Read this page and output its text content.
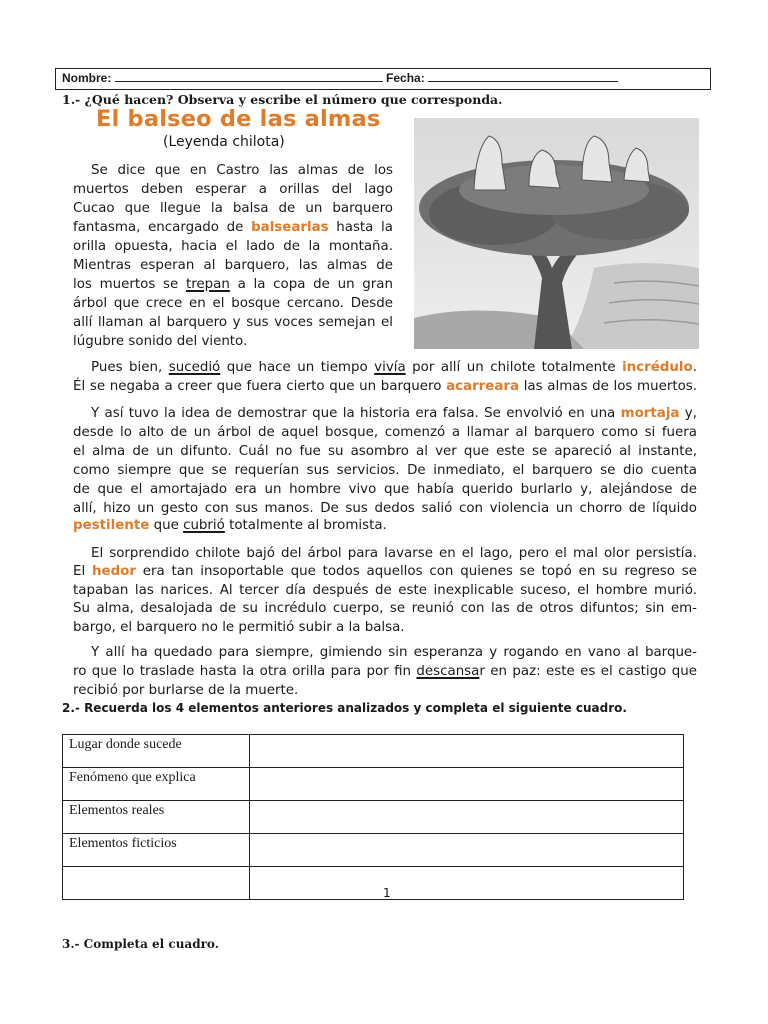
Nombre:	Fecha:
1.- ¿Qué hacen? Observa y escribe el número que corresponda.
El balseo de las almas
(Leyenda chilota)
Se dice que en Castro las almas de los
muertos deben esperar a orillas del lago
Cucao que llegue la balsa de un barquero
fantasma, encargado de balsearlas hasta la
orilla opuesta, hacia el lado de la montaña.
Mientras esperan al barquero, las almas de
los muertos se trepan a la copa de un gran
árbol que crece en el bosque cercano. Desde
allí llaman al barquero y sus voces semejan el
lúgubre sonido del viento.
Pues bien, sucedió que hace un tiempo vivía por allí un chilote totalmente incrédulo.
Él se negaba a creer que fuera cierto que un barquero acarreara las almas de los muertos.
Y así tuvo la idea de demostrar que la historia era falsa. Se envolvió en una mortaja y,
desde lo alto de un árbol de aquel bosque, comenzó a llamar al barquero como si fuera
el alma de un difunto. Cuál no fue su asombro al ver que este se apareció al instante,
como siempre que se requerían sus servicios. De inmediato, el barquero se dio cuenta
de que el amortajado era un hombre vivo que había querido burlarlo y, alejándose de
allí, hizo un gesto con sus manos. De sus dedos salió con violencia un chorro de líquido
pestilente que cubrió totalmente al bromista.
El sorprendido chilote bajó del árbol para lavarse en el lago, pero el mal olor persistía.
El hedor era tan insoportable que todos aquellos con quienes se topó en su regreso se
tapaban las narices. Al tercer día después de este inexplicable suceso, el hombre murió.
Su alma, desalojada de su incrédulo cuerpo, se reunió con las de otros difuntos; sin em-
bargo, el barquero no le permitió subir a la balsa.
Y allí ha quedado para siempre, gimiendo sin esperanza y rogando en vano al barque-
ro que lo traslade hasta la otra orilla para por fin descansar en paz: este es el castigo que
recibió por burlarse de la muerte.
2.- Recuerda los 4 elementos anteriores analizados y completa el siguiente cuadro.
Lugar donde sucede	
Fenómeno que explica	
Elementos reales	
Elementos ficticios	

1
3.- Completa el cuadro.
